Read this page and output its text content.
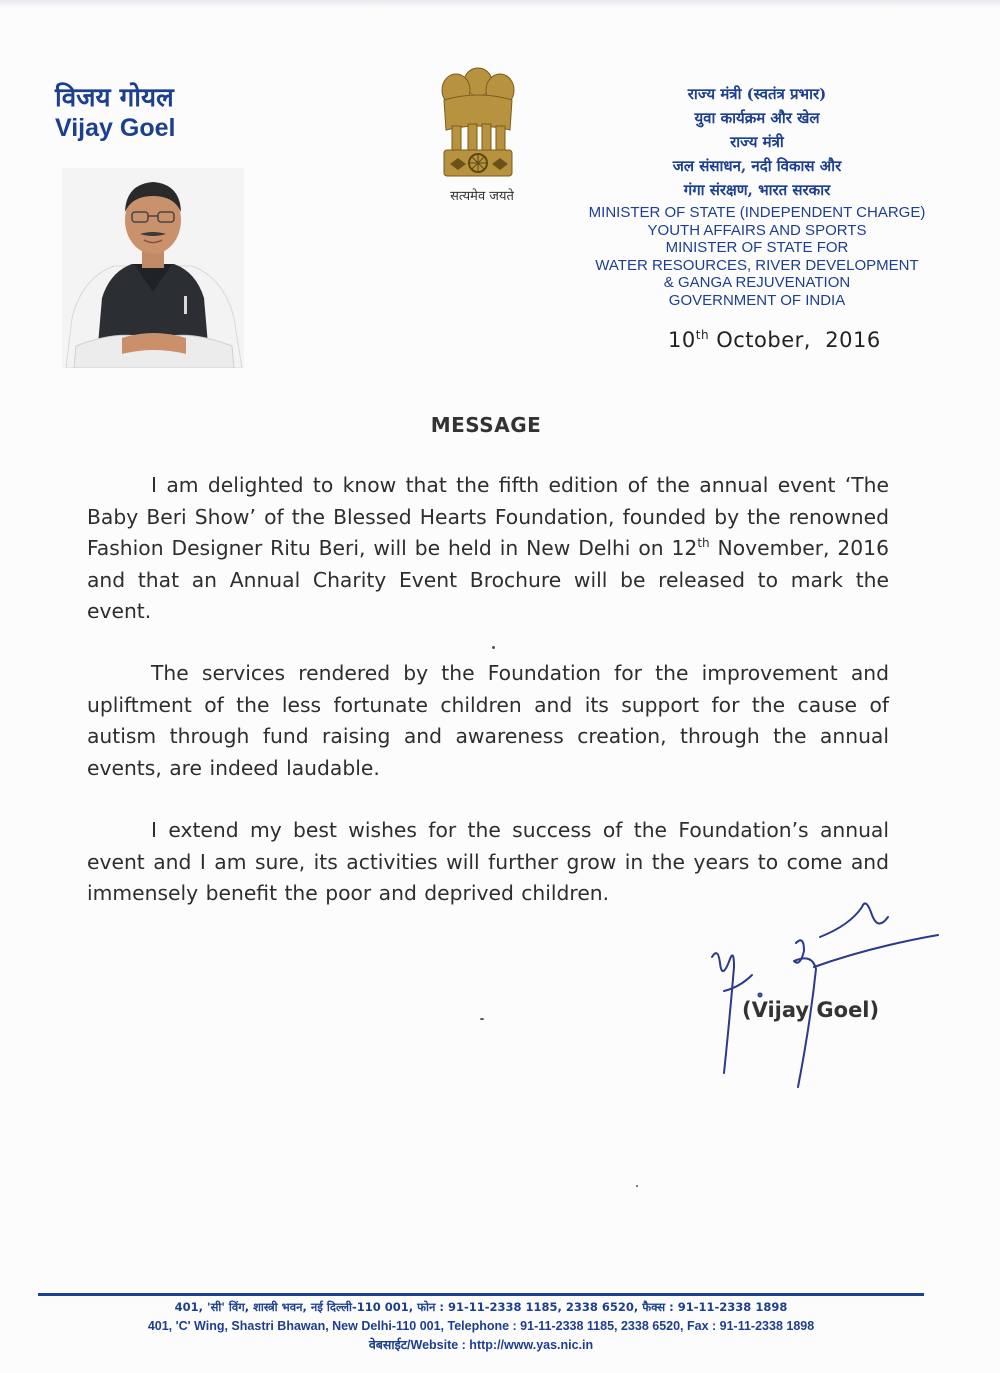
विजय गोयल
Vijay Goel
सत्यमेव जयते
राज्य मंत्री (स्वतंत्र प्रभार)
युवा कार्यक्रम और खेल
राज्य मंत्री
जल संसाधन, नदी विकास और
गंगा संरक्षण, भारत सरकार
MINISTER OF STATE (INDEPENDENT CHARGE)
YOUTH AFFAIRS AND SPORTS
MINISTER OF STATE FOR
WATER RESOURCES, RIVER DEVELOPMENT
& GANGA REJUVENATION
GOVERNMENT OF INDIA
10th October,  2016
MESSAGE
I am delighted to know that the fifth edition of the annual event ‘The Baby Beri Show’ of the Blessed Hearts Foundation, founded by the renowned Fashion Designer Ritu Beri, will be held in New Delhi on 12th November, 2016 and that an Annual Charity Event Brochure will be released to mark the event.
The services rendered by the Foundation for the improvement and upliftment of the less fortunate children and its support for the cause of autism through fund raising and awareness creation, through the annual events, are indeed laudable.
I extend my best wishes for the success of the Foundation’s annual event and I am sure, its activities will further grow in the years to come and immensely benefit the poor and deprived children.
(Vijay Goel)
401, 'सी' विंग, शास्त्री भवन, नई दिल्ली-110 001, फोन : 91-11-2338 1185, 2338 6520, फैक्स : 91-11-2338 1898
401, 'C' Wing, Shastri Bhawan, New Delhi-110 001, Telephone : 91-11-2338 1185, 2338 6520, Fax : 91-11-2338 1898
वेबसाईट/Website : http://www.yas.nic.in
